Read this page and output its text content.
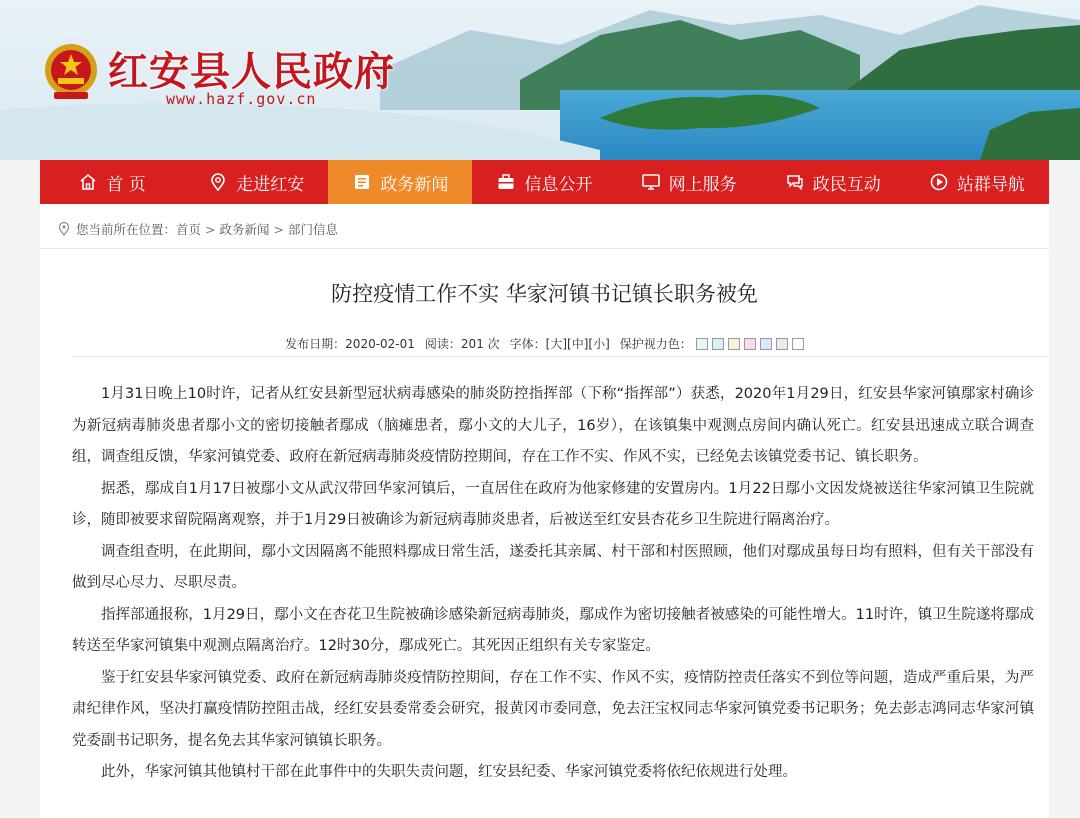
红安县人民政府
www.hazf.gov.cn
首 页	走进红安	政务新闻	信息公开	网上服务	政民互动	站群导航
您当前所在位置： 首页 > 政务新闻 > 部门信息
防控疫情工作不实 华家河镇书记镇长职务被免
发布日期：2020-02-01 阅读：201 次 字体： [大] [中] [小] 保护视力色：

1月31日晚上10时许，记者从红安县新型冠状病毒感染的肺炎防控指挥部（下称“指挥部”）获悉，2020年1月29日，红安县华家河镇鄢家村确诊为新冠病毒肺炎患者鄢小文的密切接触者鄢成（脑瘫患者，鄢小文的大儿子，16岁），在该镇集中观测点房间内确认死亡。红安县迅速成立联合调查组，调查组反馈，华家河镇党委、政府在新冠病毒肺炎疫情防控期间，存在工作不实、作风不实，已经免去该镇党委书记、镇长职务。

据悉，鄢成自1月17日被鄢小文从武汉带回华家河镇后，一直居住在政府为他家修建的安置房内。1月22日鄢小文因发烧被送往华家河镇卫生院就诊，随即被要求留院隔离观察，并于1月29日被确诊为新冠病毒肺炎患者，后被送至红安县杏花乡卫生院进行隔离治疗。

调查组查明，在此期间，鄢小文因隔离不能照料鄢成日常生活，遂委托其亲属、村干部和村医照顾，他们对鄢成虽每日均有照料，但有关干部没有做到尽心尽力、尽职尽责。

指挥部通报称，1月29日，鄢小文在杏花卫生院被确诊感染新冠病毒肺炎，鄢成作为密切接触者被感染的可能性增大。11时许，镇卫生院遂将鄢成转送至华家河镇集中观测点隔离治疗。12时30分，鄢成死亡。其死因正组织有关专家鉴定。

鉴于红安县华家河镇党委、政府在新冠病毒肺炎疫情防控期间，存在工作不实、作风不实，疫情防控责任落实不到位等问题，造成严重后果，为严肃纪律作风，坚决打赢疫情防控阻击战，经红安县委常委会研究，报黄冈市委同意，免去汪宝权同志华家河镇党委书记职务；免去彭志鸿同志华家河镇党委副书记职务，提名免去其华家河镇镇长职务。

此外，华家河镇其他镇村干部在此事件中的失职失责问题，红安县纪委、华家河镇党委将依纪依规进行处理。
